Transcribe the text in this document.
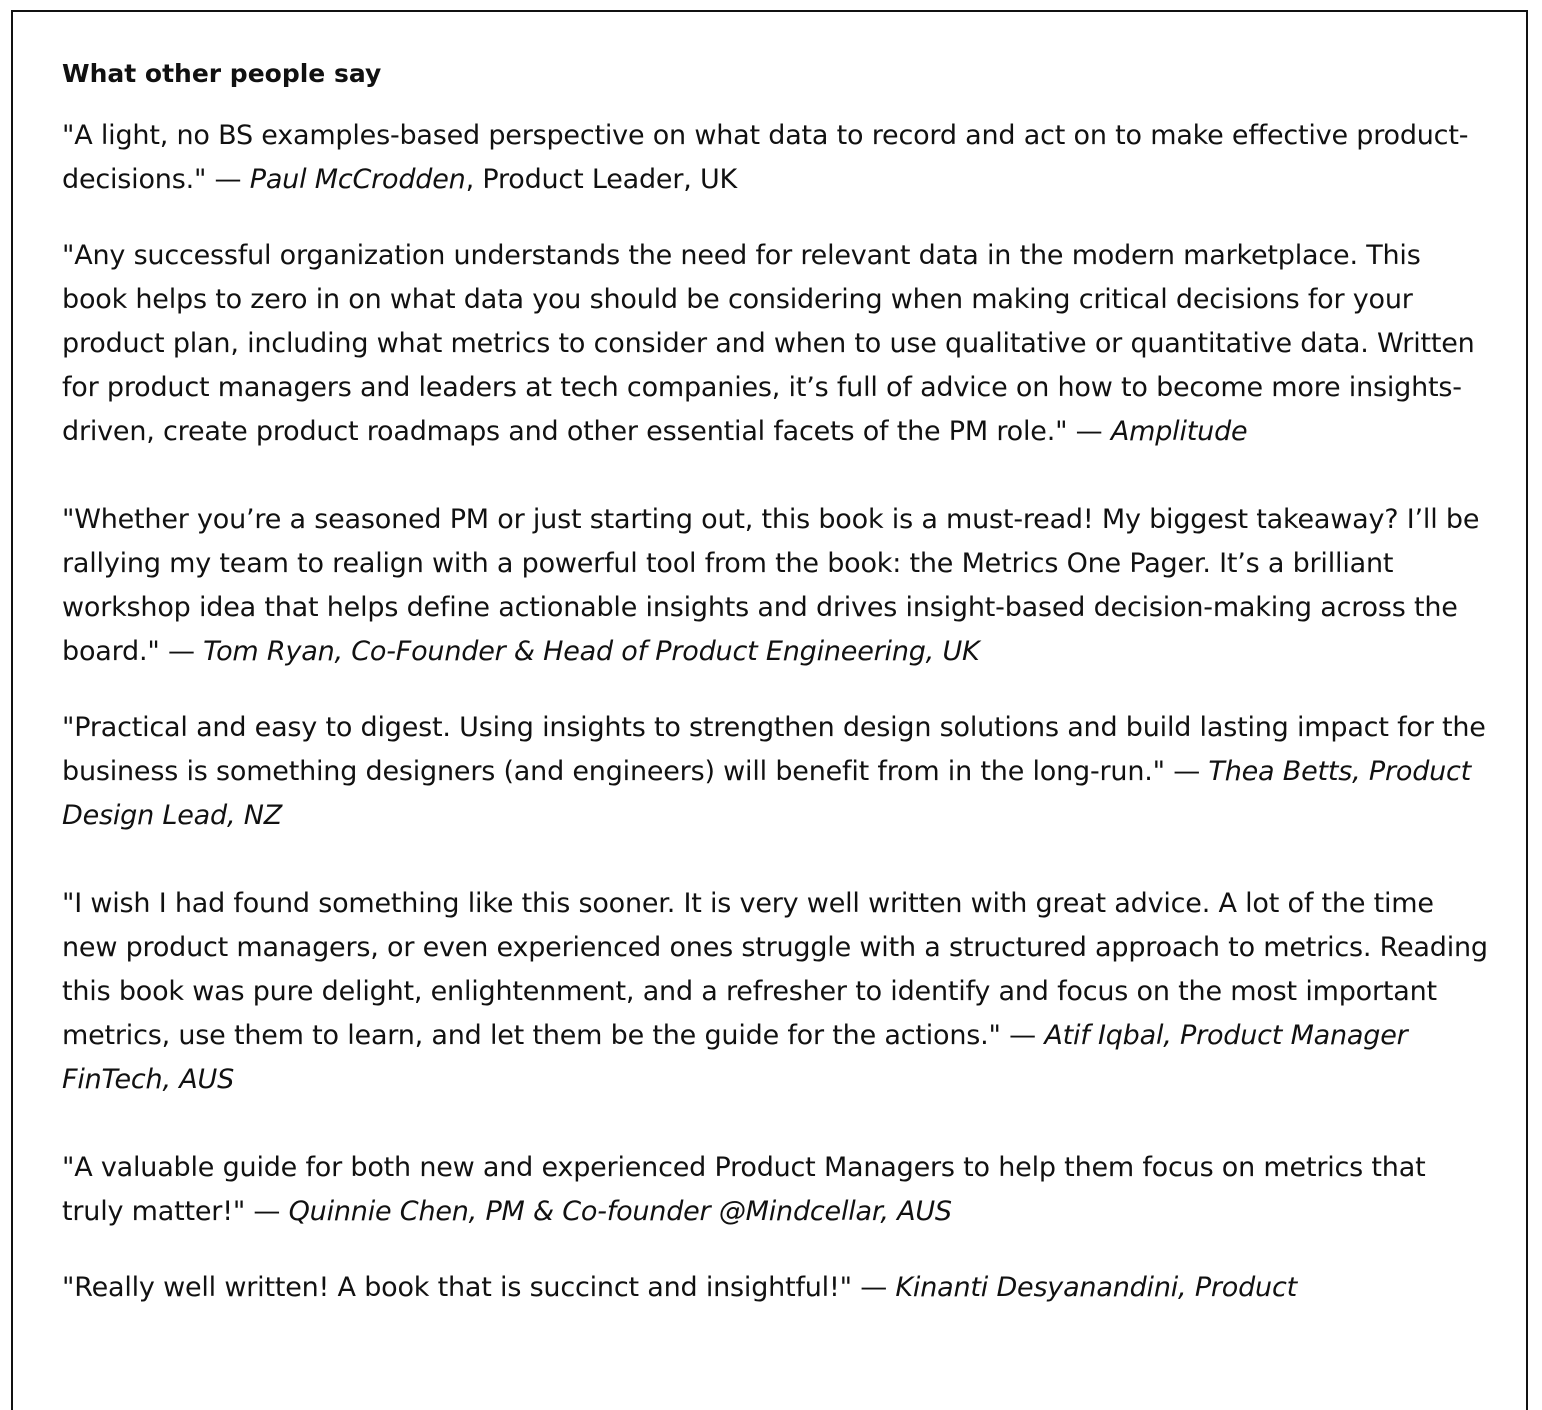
What other people say

"A light, no BS examples-based perspective on what data to record and act on to make effective product-decisions." — Paul McCrodden, Product Leader, UK

"Any successful organization understands the need for relevant data in the modern marketplace. This book helps to zero in on what data you should be considering when making critical decisions for your product plan, including what metrics to consider and when to use qualitative or quantitative data. Written for product managers and leaders at tech companies, it’s full of advice on how to become more insights-driven, create product roadmaps and other essential facets of the PM role." — Amplitude

"Whether you’re a seasoned PM or just starting out, this book is a must-read! My biggest takeaway? I’ll be rallying my team to realign with a powerful tool from the book: the Metrics One Pager. It’s a brilliant workshop idea that helps define actionable insights and drives insight-based decision-making across the board." — Tom Ryan, Co-Founder & Head of Product Engineering, UK

"Practical and easy to digest. Using insights to strengthen design solutions and build lasting impact for the business is something designers (and engineers) will benefit from in the long-run." — Thea Betts, Product Design Lead, NZ

"I wish I had found something like this sooner. It is very well written with great advice. A lot of the time new product managers, or even experienced ones struggle with a structured approach to metrics. Reading this book was pure delight, enlightenment, and a refresher to identify and focus on the most important metrics, use them to learn, and let them be the guide for the actions." — Atif Iqbal, Product Manager FinTech, AUS

"A valuable guide for both new and experienced Product Managers to help them focus on metrics that truly matter!" — Quinnie Chen, PM & Co-founder @Mindcellar, AUS

"Really well written! A book that is succinct and insightful!" — Kinanti Desyanandini, Product
